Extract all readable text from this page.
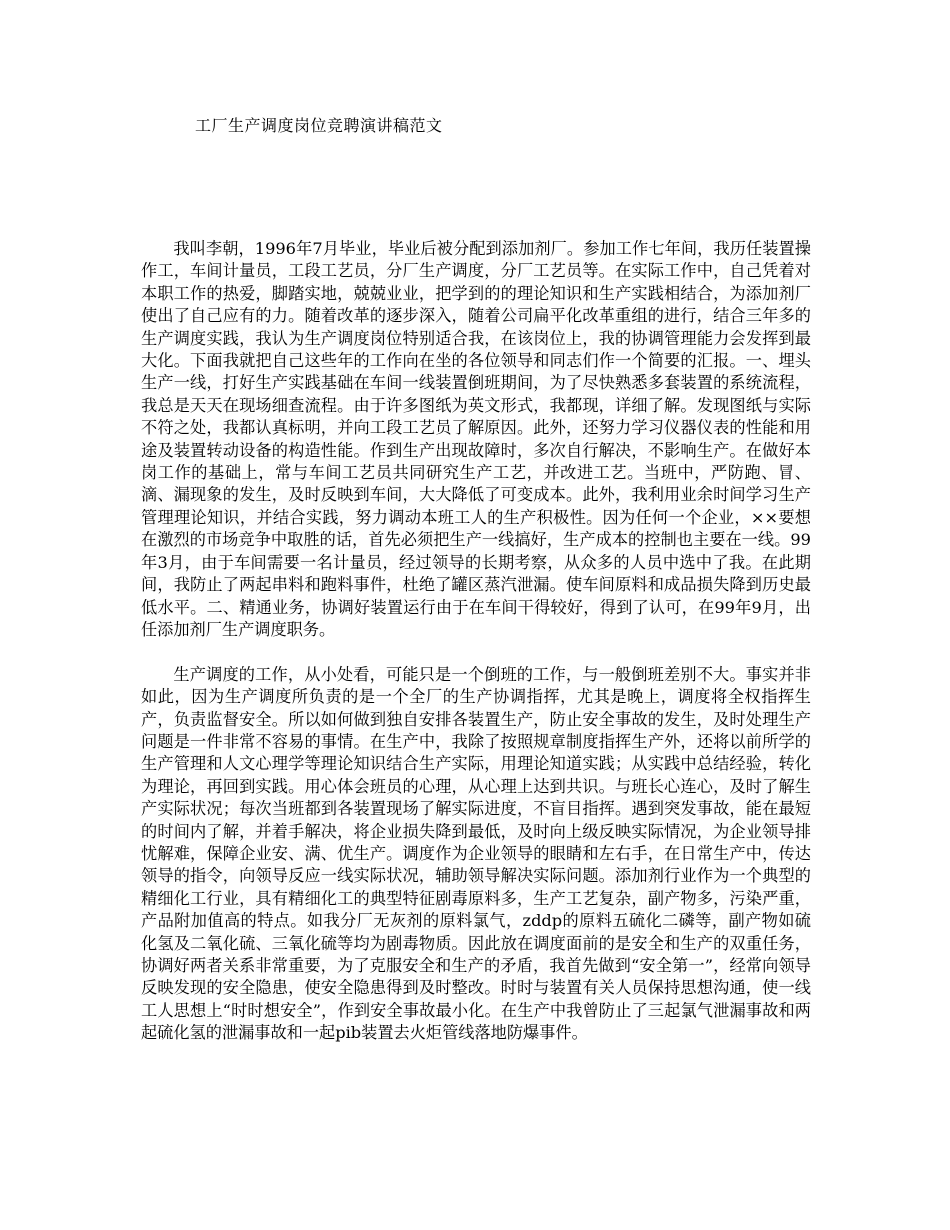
工厂生产调度岗位竞聘演讲稿范文

我叫李朝，1996年7月毕业，毕业后被分配到添加剂厂。参加工作七年间，我历任装置操作工，车间计量员，工段工艺员，分厂生产调度，分厂工艺员等。在实际工作中，自己凭着对本职工作的热爱，脚踏实地，兢兢业业，把学到的的理论知识和生产实践相结合，为添加剂厂使出了自己应有的力。随着改革的逐步深入，随着公司扁平化改革重组的进行，结合三年多的生产调度实践，我认为生产调度岗位特别适合我，在该岗位上，我的协调管理能力会发挥到最大化。下面我就把自己这些年的工作向在坐的各位领导和同志们作一个简要的汇报。一、埋头生产一线，打好生产实践基础在车间一线装置倒班期间，为了尽快熟悉多套装置的系统流程，我总是天天在现场细查流程。由于许多图纸为英文形式，我都现，详细了解。发现图纸与实际不符之处，我都认真标明，并向工段工艺员了解原因。此外，还努力学习仪器仪表的性能和用途及装置转动设备的构造性能。作到生产出现故障时，多次自行解决，不影响生产。在做好本岗工作的基础上，常与车间工艺员共同研究生产工艺，并改进工艺。当班中，严防跑、冒、滴、漏现象的发生，及时反映到车间，大大降低了可变成本。此外，我利用业余时间学习生产管理理论知识，并结合实践，努力调动本班工人的生产积极性。因为任何一个企业，××要想在激烈的市场竞争中取胜的话，首先必须把生产一线搞好，生产成本的控制也主要在一线。99年3月，由于车间需要一名计量员，经过领导的长期考察，从众多的人员中选中了我。在此期间，我防止了两起串料和跑料事件，杜绝了罐区蒸汽泄漏。使车间原料和成品损失降到历史最低水平。二、精通业务，协调好装置运行由于在车间干得较好，得到了认可，在99年9月，出任添加剂厂生产调度职务。

生产调度的工作，从小处看，可能只是一个倒班的工作，与一般倒班差别不大。事实并非如此，因为生产调度所负责的是一个全厂的生产协调指挥，尤其是晚上，调度将全权指挥生产，负责监督安全。所以如何做到独自安排各装置生产，防止安全事故的发生，及时处理生产问题是一件非常不容易的事情。在生产中，我除了按照规章制度指挥生产外，还将以前所学的生产管理和人文心理学等理论知识结合生产实际，用理论知道实践；从实践中总结经验，转化为理论，再回到实践。用心体会班员的心理，从心理上达到共识。与班长心连心，及时了解生产实际状况；每次当班都到各装置现场了解实际进度，不盲目指挥。遇到突发事故，能在最短的时间内了解，并着手解决，将企业损失降到最低，及时向上级反映实际情况，为企业领导排忧解难，保障企业安、满、优生产。调度作为企业领导的眼睛和左右手，在日常生产中，传达领导的指令，向领导反应一线实际状况，辅助领导解决实际问题。添加剂行业作为一个典型的精细化工行业，具有精细化工的典型特征剧毒原料多，生产工艺复杂，副产物多，污染严重，产品附加值高的特点。如我分厂无灰剂的原料氯气，zddp的原料五硫化二磷等，副产物如硫化氢及二氧化硫、三氧化硫等均为剧毒物质。因此放在调度面前的是安全和生产的双重任务，协调好两者关系非常重要，为了克服安全和生产的矛盾，我首先做到“安全第一”，经常向领导反映发现的安全隐患，使安全隐患得到及时整改。时时与装置有关人员保持思想沟通，使一线工人思想上“时时想安全”，作到安全事故最小化。在生产中我曾防止了三起氯气泄漏事故和两起硫化氢的泄漏事故和一起pib装置去火炬管线落地防爆事件。
